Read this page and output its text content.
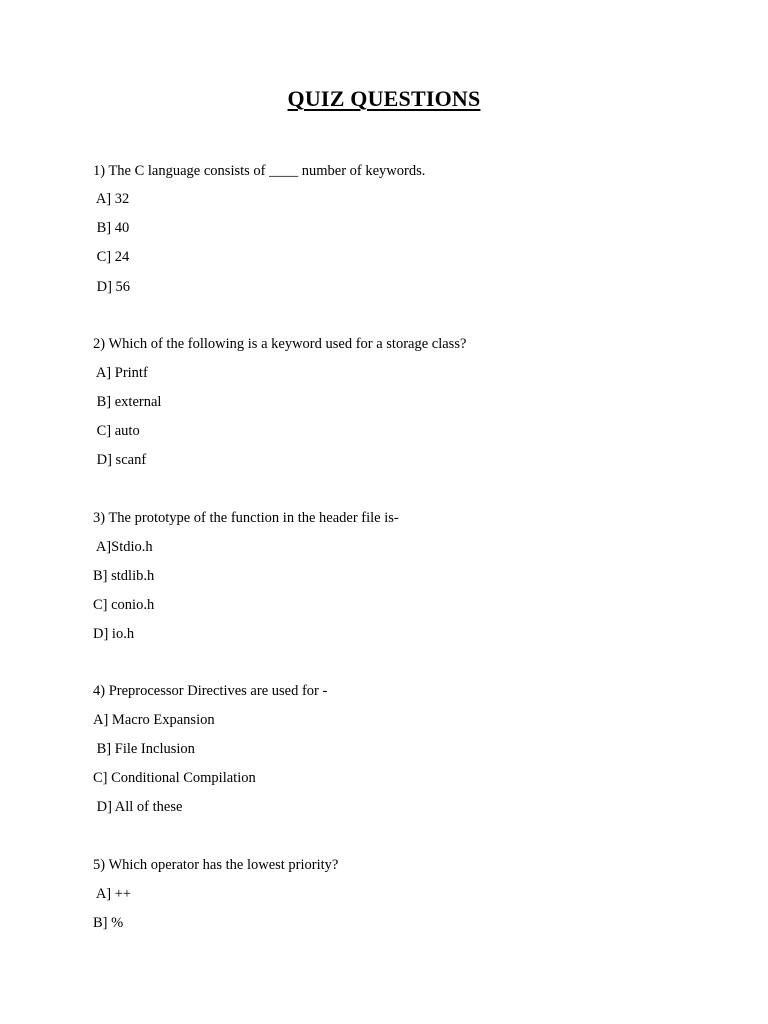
QUIZ QUESTIONS
1) The C language consists of ____ number of keywords.
A] 32
B] 40
C] 24
D] 56
2) Which of the following is a keyword used for a storage class?
A] Printf
B] external
C] auto
D] scanf
3) The prototype of the function in the header file is-
A]Stdio.h
B] stdlib.h
C] conio.h
D] io.h
4) Preprocessor Directives are used for -
A] Macro Expansion
B] File Inclusion
C] Conditional Compilation
D] All of these
5) Which operator has the lowest priority?
A] ++
B] %
